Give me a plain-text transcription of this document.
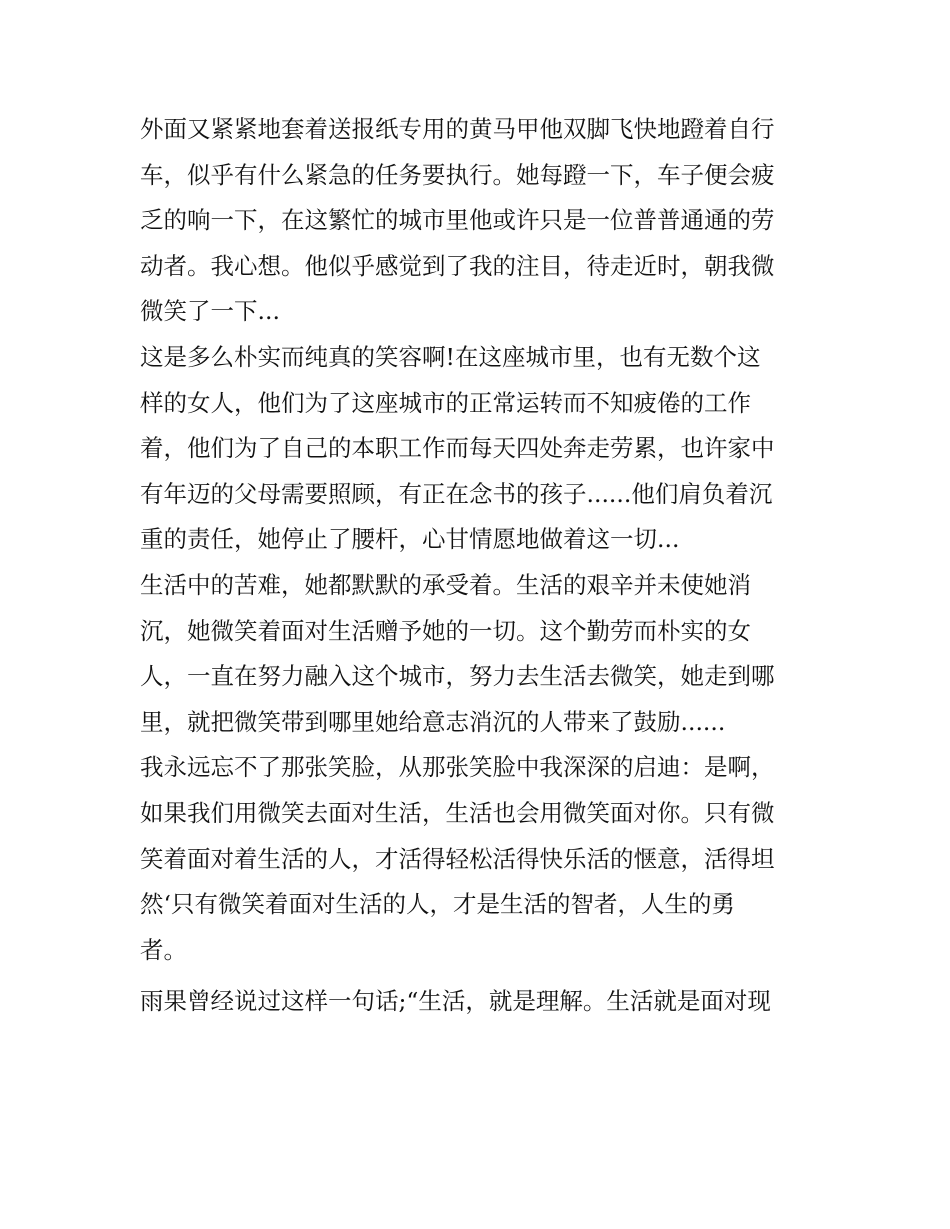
外面又紧紧地套着送报纸专用的黄马甲他双脚飞快地蹬着自行
车，似乎有什么紧急的任务要执行。她每蹬一下，车子便会疲
乏的响一下，在这繁忙的城市里他或许只是一位普普通通的劳
动者。我心想。他似乎感觉到了我的注目，待走近时，朝我微
微笑了一下...
这是多么朴实而纯真的笑容啊!在这座城市里，也有无数个这
样的女人，他们为了这座城市的正常运转而不知疲倦的工作
着，他们为了自己的本职工作而每天四处奔走劳累，也许家中
有年迈的父母需要照顾，有正在念书的孩子......他们肩负着沉
重的责任，她停止了腰杆，心甘情愿地做着这一切...
生活中的苦难，她都默默的承受着。生活的艰辛并未使她消
沉，她微笑着面对生活赠予她的一切。这个勤劳而朴实的女
人，一直在努力融入这个城市，努力去生活去微笑，她走到哪
里，就把微笑带到哪里她给意志消沉的人带来了鼓励......
我永远忘不了那张笑脸，从那张笑脸中我深深的启迪：是啊，
如果我们用微笑去面对生活，生活也会用微笑面对你。只有微
笑着面对着生活的人，才活得轻松活得快乐活的惬意，活得坦
然‘只有微笑着面对生活的人，才是生活的智者，人生的勇
者。
雨果曾经说过这样一句话;“生活，就是理解。生活就是面对现
